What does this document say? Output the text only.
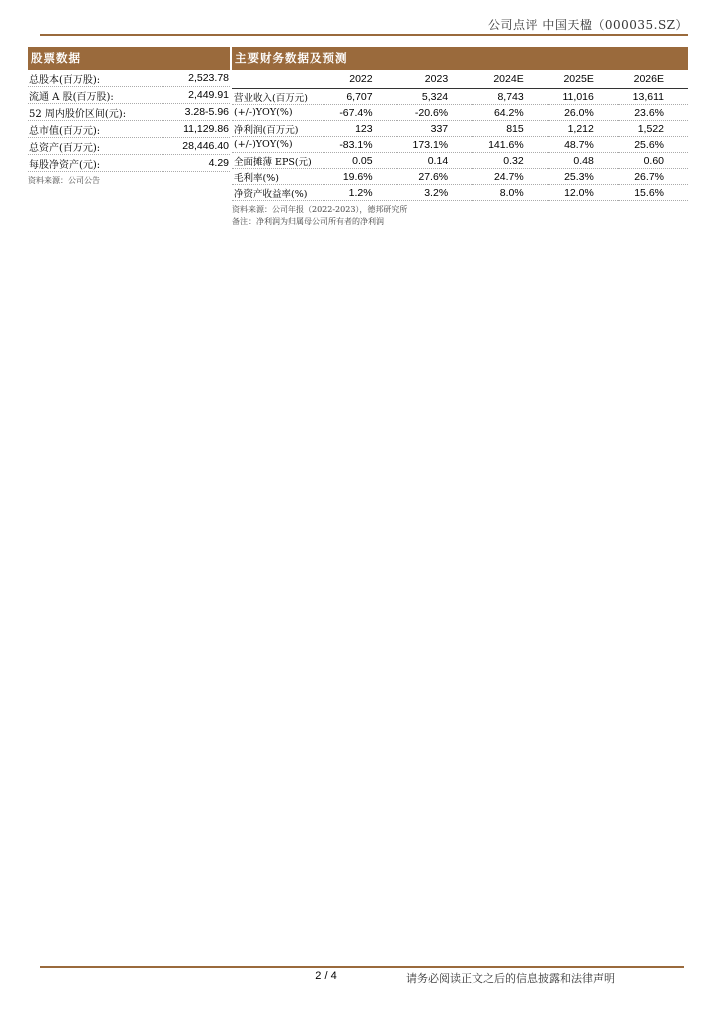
公司点评 中国天楹（000035.SZ）
股票数据
总股本(百万股):	2,523.78
流通 A 股(百万股):	2,449.91
52 周内股价区间(元):	3.28-5.96
总市值(百万元):	11,129.86
总资产(百万元):	28,446.40
每股净资产(元):	4.29
资料来源：公司公告
主要财务数据及预测
	2022	2023	2024E	2025E	2026E
营业收入(百万元)	6,707	5,324	8,743	11,016	13,611
(+/-)YOY(%)	-67.4%	-20.6%	64.2%	26.0%	23.6%
净利润(百万元)	123	337	815	1,212	1,522
(+/-)YOY(%)	-83.1%	173.1%	141.6%	48.7%	25.6%
全面摊薄 EPS(元)	0.05	0.14	0.32	0.48	0.60
毛利率(%)	19.6%	27.6%	24.7%	25.3%	26.7%
净资产收益率(%)	1.2%	3.2%	8.0%	12.0%	15.6%
资料来源：公司年报（2022-2023），德邦研究所
备注：净利润为归属母公司所有者的净利润
2 / 4	请务必阅读正文之后的信息披露和法律声明
